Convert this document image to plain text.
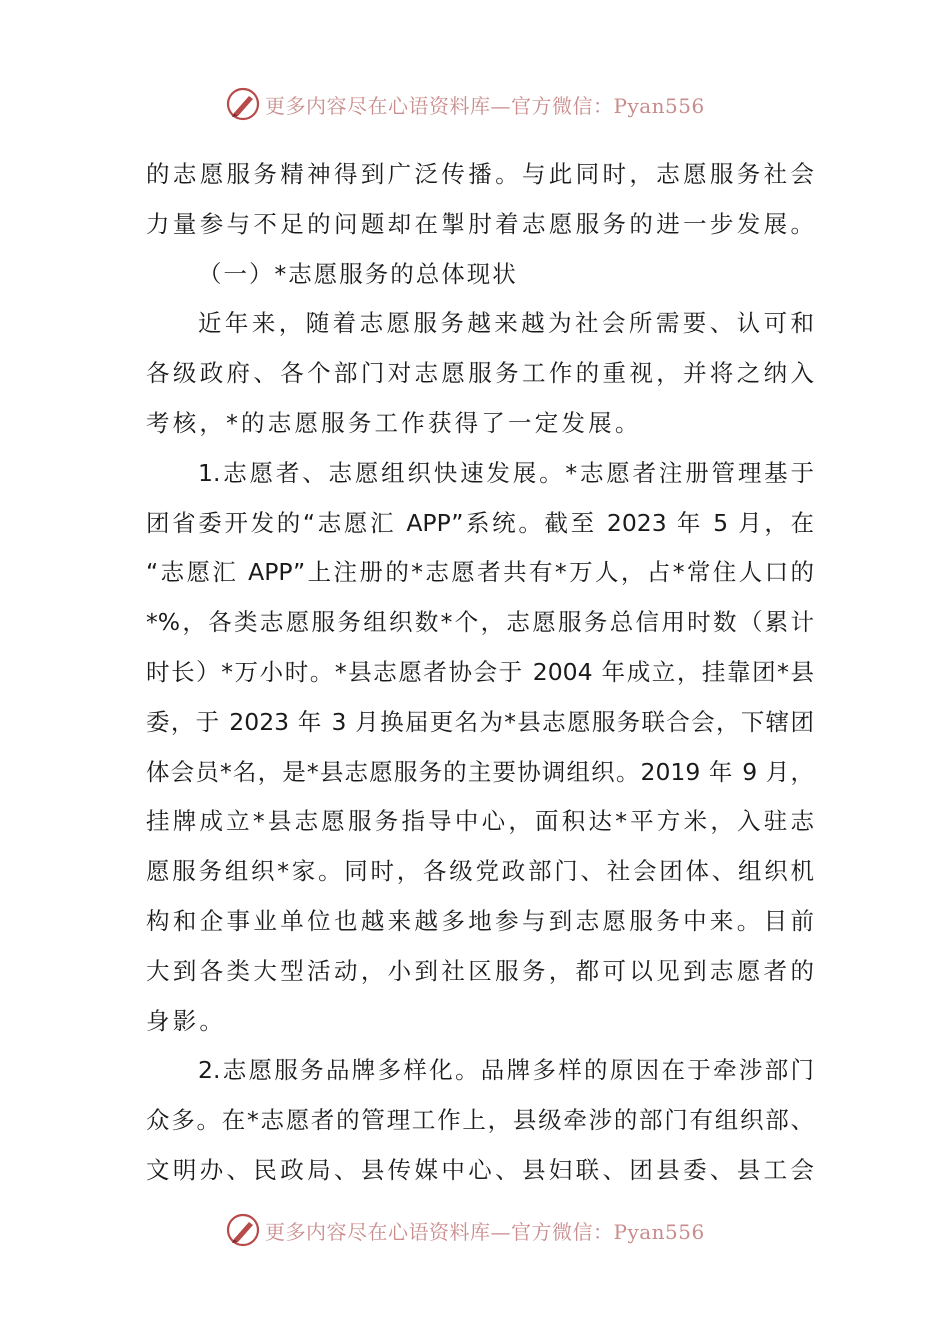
更多内容尽在心语资料库—官方微信：Pyan556
的志愿服务精神得到广泛传播。与此同时，志愿服务社会
力量参与不足的问题却在掣肘着志愿服务的进一步发展。
（一）*志愿服务的总体现状
近年来，随着志愿服务越来越为社会所需要、认可和
各级政府、各个部门对志愿服务工作的重视，并将之纳入
考核，*的志愿服务工作获得了一定发展。
1.志愿者、志愿组织快速发展。*志愿者注册管理基于
团省委开发的“志愿汇 APP”系统。截至 2023 年 5 月，在
“志愿汇 APP”上注册的*志愿者共有*万人，占*常住人口的
*%，各类志愿服务组织数*个，志愿服务总信用时数（累计
时长）*万小时。*县志愿者协会于 2004 年成立，挂靠团*县
委，于 2023 年 3 月换届更名为*县志愿服务联合会，下辖团
体会员*名，是*县志愿服务的主要协调组织。2019 年 9 月，
挂牌成立*县志愿服务指导中心，面积达*平方米，入驻志
愿服务组织*家。同时，各级党政部门、社会团体、组织机
构和企事业单位也越来越多地参与到志愿服务中来。目前
大到各类大型活动，小到社区服务，都可以见到志愿者的
身影。
2.志愿服务品牌多样化。品牌多样的原因在于牵涉部门
众多。在*志愿者的管理工作上，县级牵涉的部门有组织部、
文明办、民政局、县传媒中心、县妇联、团县委、县工会
更多内容尽在心语资料库—官方微信：Pyan556
